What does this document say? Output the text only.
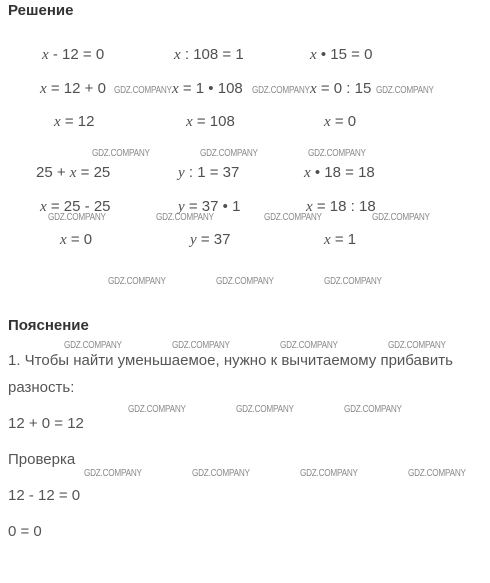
Решение
x - 12 = 0
x = 12 + 0
x = 12
25 + x = 25
x = 25 - 25
x = 0
x : 108 = 1
x = 1 • 108
x = 108
y : 1 = 37
y = 37 • 1
y = 37
x • 15 = 0
x = 0 : 15
x = 0
x • 18 = 18
x = 18 : 18
x = 1
Пояснение
1. Чтобы найти уменьшаемое, нужно к вычитаемому прибавить
разность:
12 + 0 = 12
Проверка
12 - 12 = 0
0 = 0
GDZ.COMPANY	GDZ.COMPANY	GDZ.COMPANY
GDZ.COMPANY	GDZ.COMPANY	GDZ.COMPANY
GDZ.COMPANY	GDZ.COMPANY	GDZ.COMPANY	GDZ.COMPANY
GDZ.COMPANY	GDZ.COMPANY	GDZ.COMPANY
GDZ.COMPANY	GDZ.COMPANY	GDZ.COMPANY	GDZ.COMPANY
GDZ.COMPANY	GDZ.COMPANY	GDZ.COMPANY
GDZ.COMPANY	GDZ.COMPANY	GDZ.COMPANY	GDZ.COMPANY
